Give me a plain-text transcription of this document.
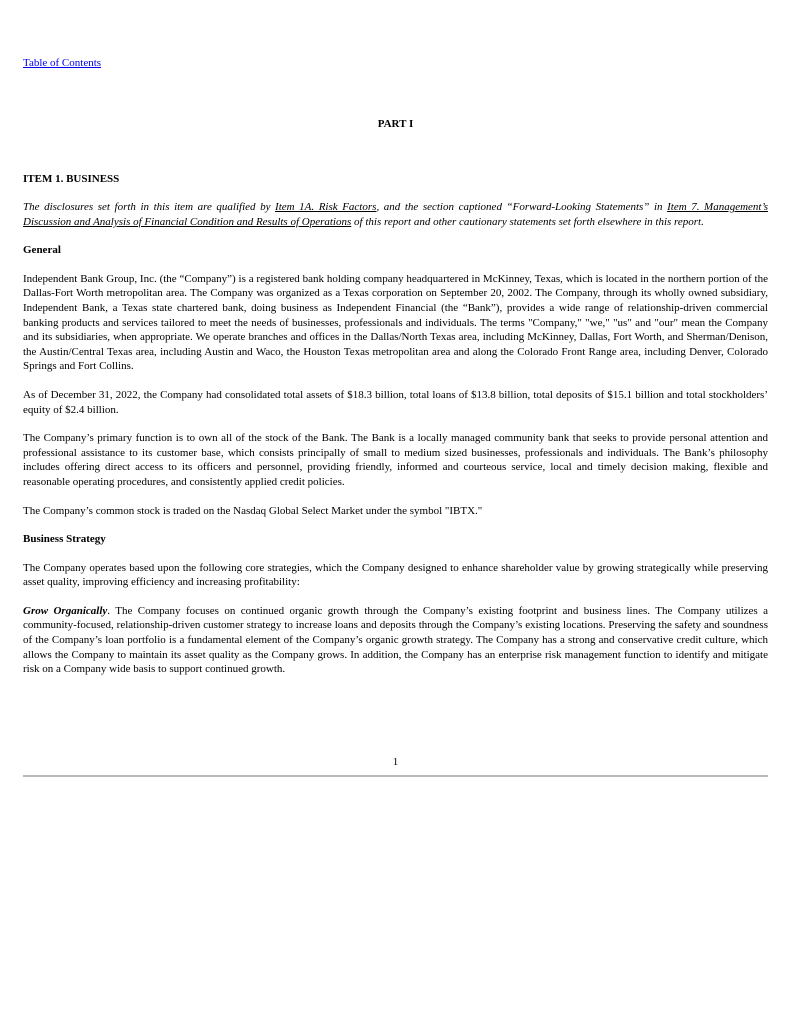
Table of Contents
PART I
ITEM 1. BUSINESS

The disclosures set forth in this item are qualified by Item 1A. Risk Factors, and the section captioned “Forward-Looking Statements” in Item 7. Management’s Discussion and Analysis of Financial Condition and Results of Operations of this report and other cautionary statements set forth elsewhere in this report.

General

Independent Bank Group, Inc. (the “Company”) is a registered bank holding company headquartered in McKinney, Texas, which is located in the northern portion of the Dallas-Fort Worth metropolitan area. The Company was organized as a Texas corporation on September 20, 2002. The Company, through its wholly owned subsidiary, Independent Bank, a Texas state chartered bank, doing business as Independent Financial (the “Bank”), provides a wide range of relationship-driven commercial banking products and services tailored to meet the needs of businesses, professionals and individuals. The terms "Company," "we," "us" and "our" mean the Company and its subsidiaries, when appropriate. We operate branches and offices in the Dallas/North Texas area, including McKinney, Dallas, Fort Worth, and Sherman/Denison, the Austin/Central Texas area, including Austin and Waco, the Houston Texas metropolitan area and along the Colorado Front Range area, including Denver, Colorado Springs and Fort Collins.

As of December 31, 2022, the Company had consolidated total assets of $18.3 billion, total loans of $13.8 billion, total deposits of $15.1 billion and total stockholders’ equity of $2.4 billion.

The Company’s primary function is to own all of the stock of the Bank. The Bank is a locally managed community bank that seeks to provide personal attention and professional assistance to its customer base, which consists principally of small to medium sized businesses, professionals and individuals. The Bank’s philosophy includes offering direct access to its officers and personnel, providing friendly, informed and courteous service, local and timely decision making, flexible and reasonable operating procedures, and consistently applied credit policies.

The Company’s common stock is traded on the Nasdaq Global Select Market under the symbol "IBTX."

Business Strategy

The Company operates based upon the following core strategies, which the Company designed to enhance shareholder value by growing strategically while preserving asset quality, improving efficiency and increasing profitability:

Grow Organically. The Company focuses on continued organic growth through the Company’s existing footprint and business lines. The Company utilizes a community-focused, relationship-driven customer strategy to increase loans and deposits through the Company’s existing locations. Preserving the safety and soundness of the Company’s loan portfolio is a fundamental element of the Company’s organic growth strategy. The Company has a strong and conservative credit culture, which allows the Company to maintain its asset quality as the Company grows. In addition, the Company has an enterprise risk management function to identify and mitigate risk on a Company wide basis to support continued growth.

1
